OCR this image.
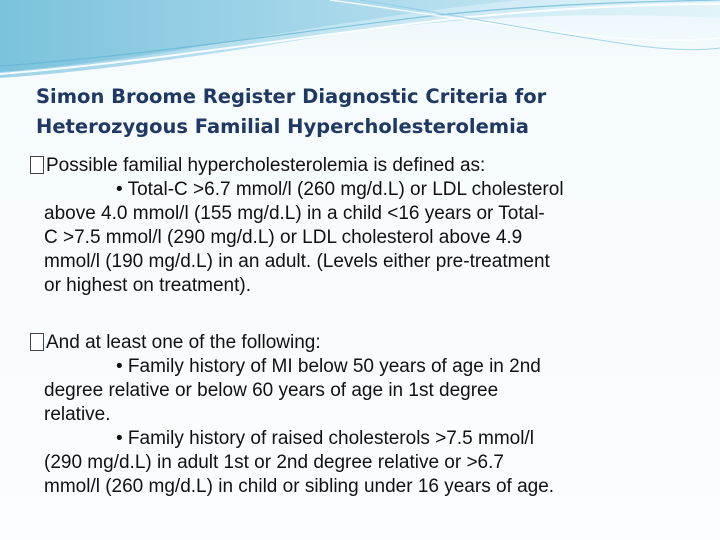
Simon Broome Register Diagnostic Criteria for
Heterozygous Familial Hypercholesterolemia
Possible familial hypercholesterolemia is defined as:
• Total-C >6.7 mmol/l (260 mg/d.L) or LDL cholesterol
above 4.0 mmol/l (155 mg/d.L) in a child <16 years or Total-
C >7.5 mmol/l (290 mg/d.L) or LDL cholesterol above 4.9
mmol/l (190 mg/d.L) in an adult. (Levels either pre-treatment
or highest on treatment).
And at least one of the following:
• Family history of MI below 50 years of age in 2nd
degree relative or below 60 years of age in 1st degree
relative.
• Family history of raised cholesterols >7.5 mmol/l
(290 mg/d.L) in adult 1st or 2nd degree relative or >6.7
mmol/l (260 mg/d.L) in child or sibling under 16 years of age.
